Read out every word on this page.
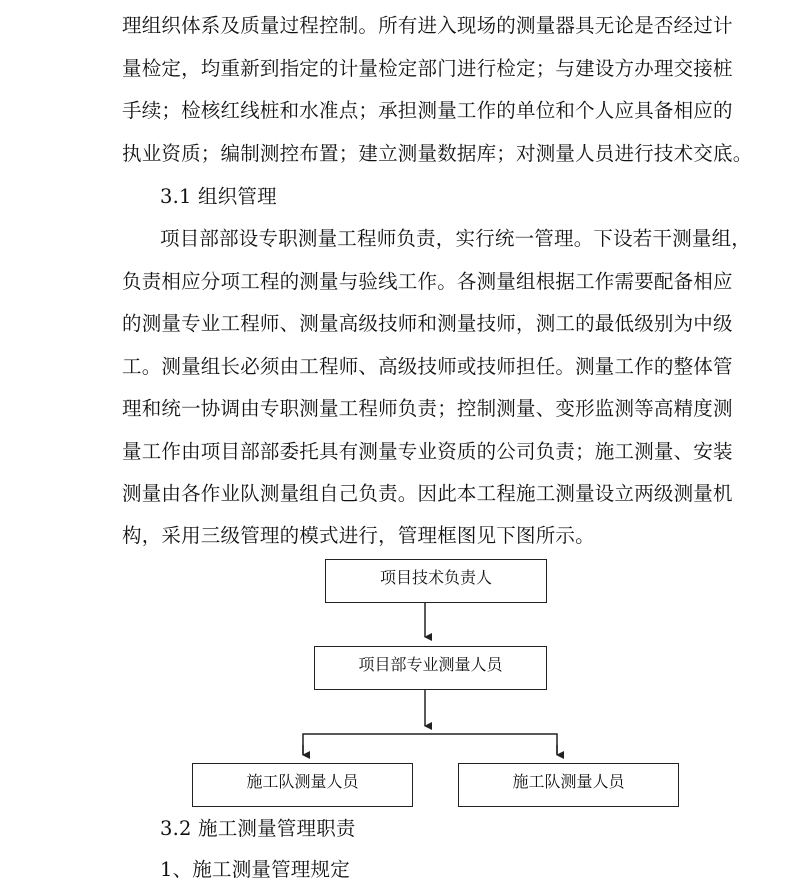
理组织体系及质量过程控制。所有进入现场的测量器具无论是否经过计
量检定，均重新到指定的计量检定部门进行检定；与建设方办理交接桩
手续；检核红线桩和水准点；承担测量工作的单位和个人应具备相应的
执业资质；编制测控布置；建立测量数据库；对测量人员进行技术交底。
3.1 组织管理
项目部部设专职测量工程师负责，实行统一管理。下设若干测量组，
负责相应分项工程的测量与验线工作。各测量组根据工作需要配备相应
的测量专业工程师、测量高级技师和测量技师，测工的最低级别为中级
工。测量组长必须由工程师、高级技师或技师担任。测量工作的整体管
理和统一协调由专职测量工程师负责；控制测量、变形监测等高精度测
量工作由项目部部委托具有测量专业资质的公司负责；施工测量、安装
测量由各作业队测量组自己负责。因此本工程施工测量设立两级测量机
构，采用三级管理的模式进行，管理框图见下图所示。
项目技术负责人
项目部专业测量人员
施工队测量人员	施工队测量人员
3.2 施工测量管理职责
1、施工测量管理规定
